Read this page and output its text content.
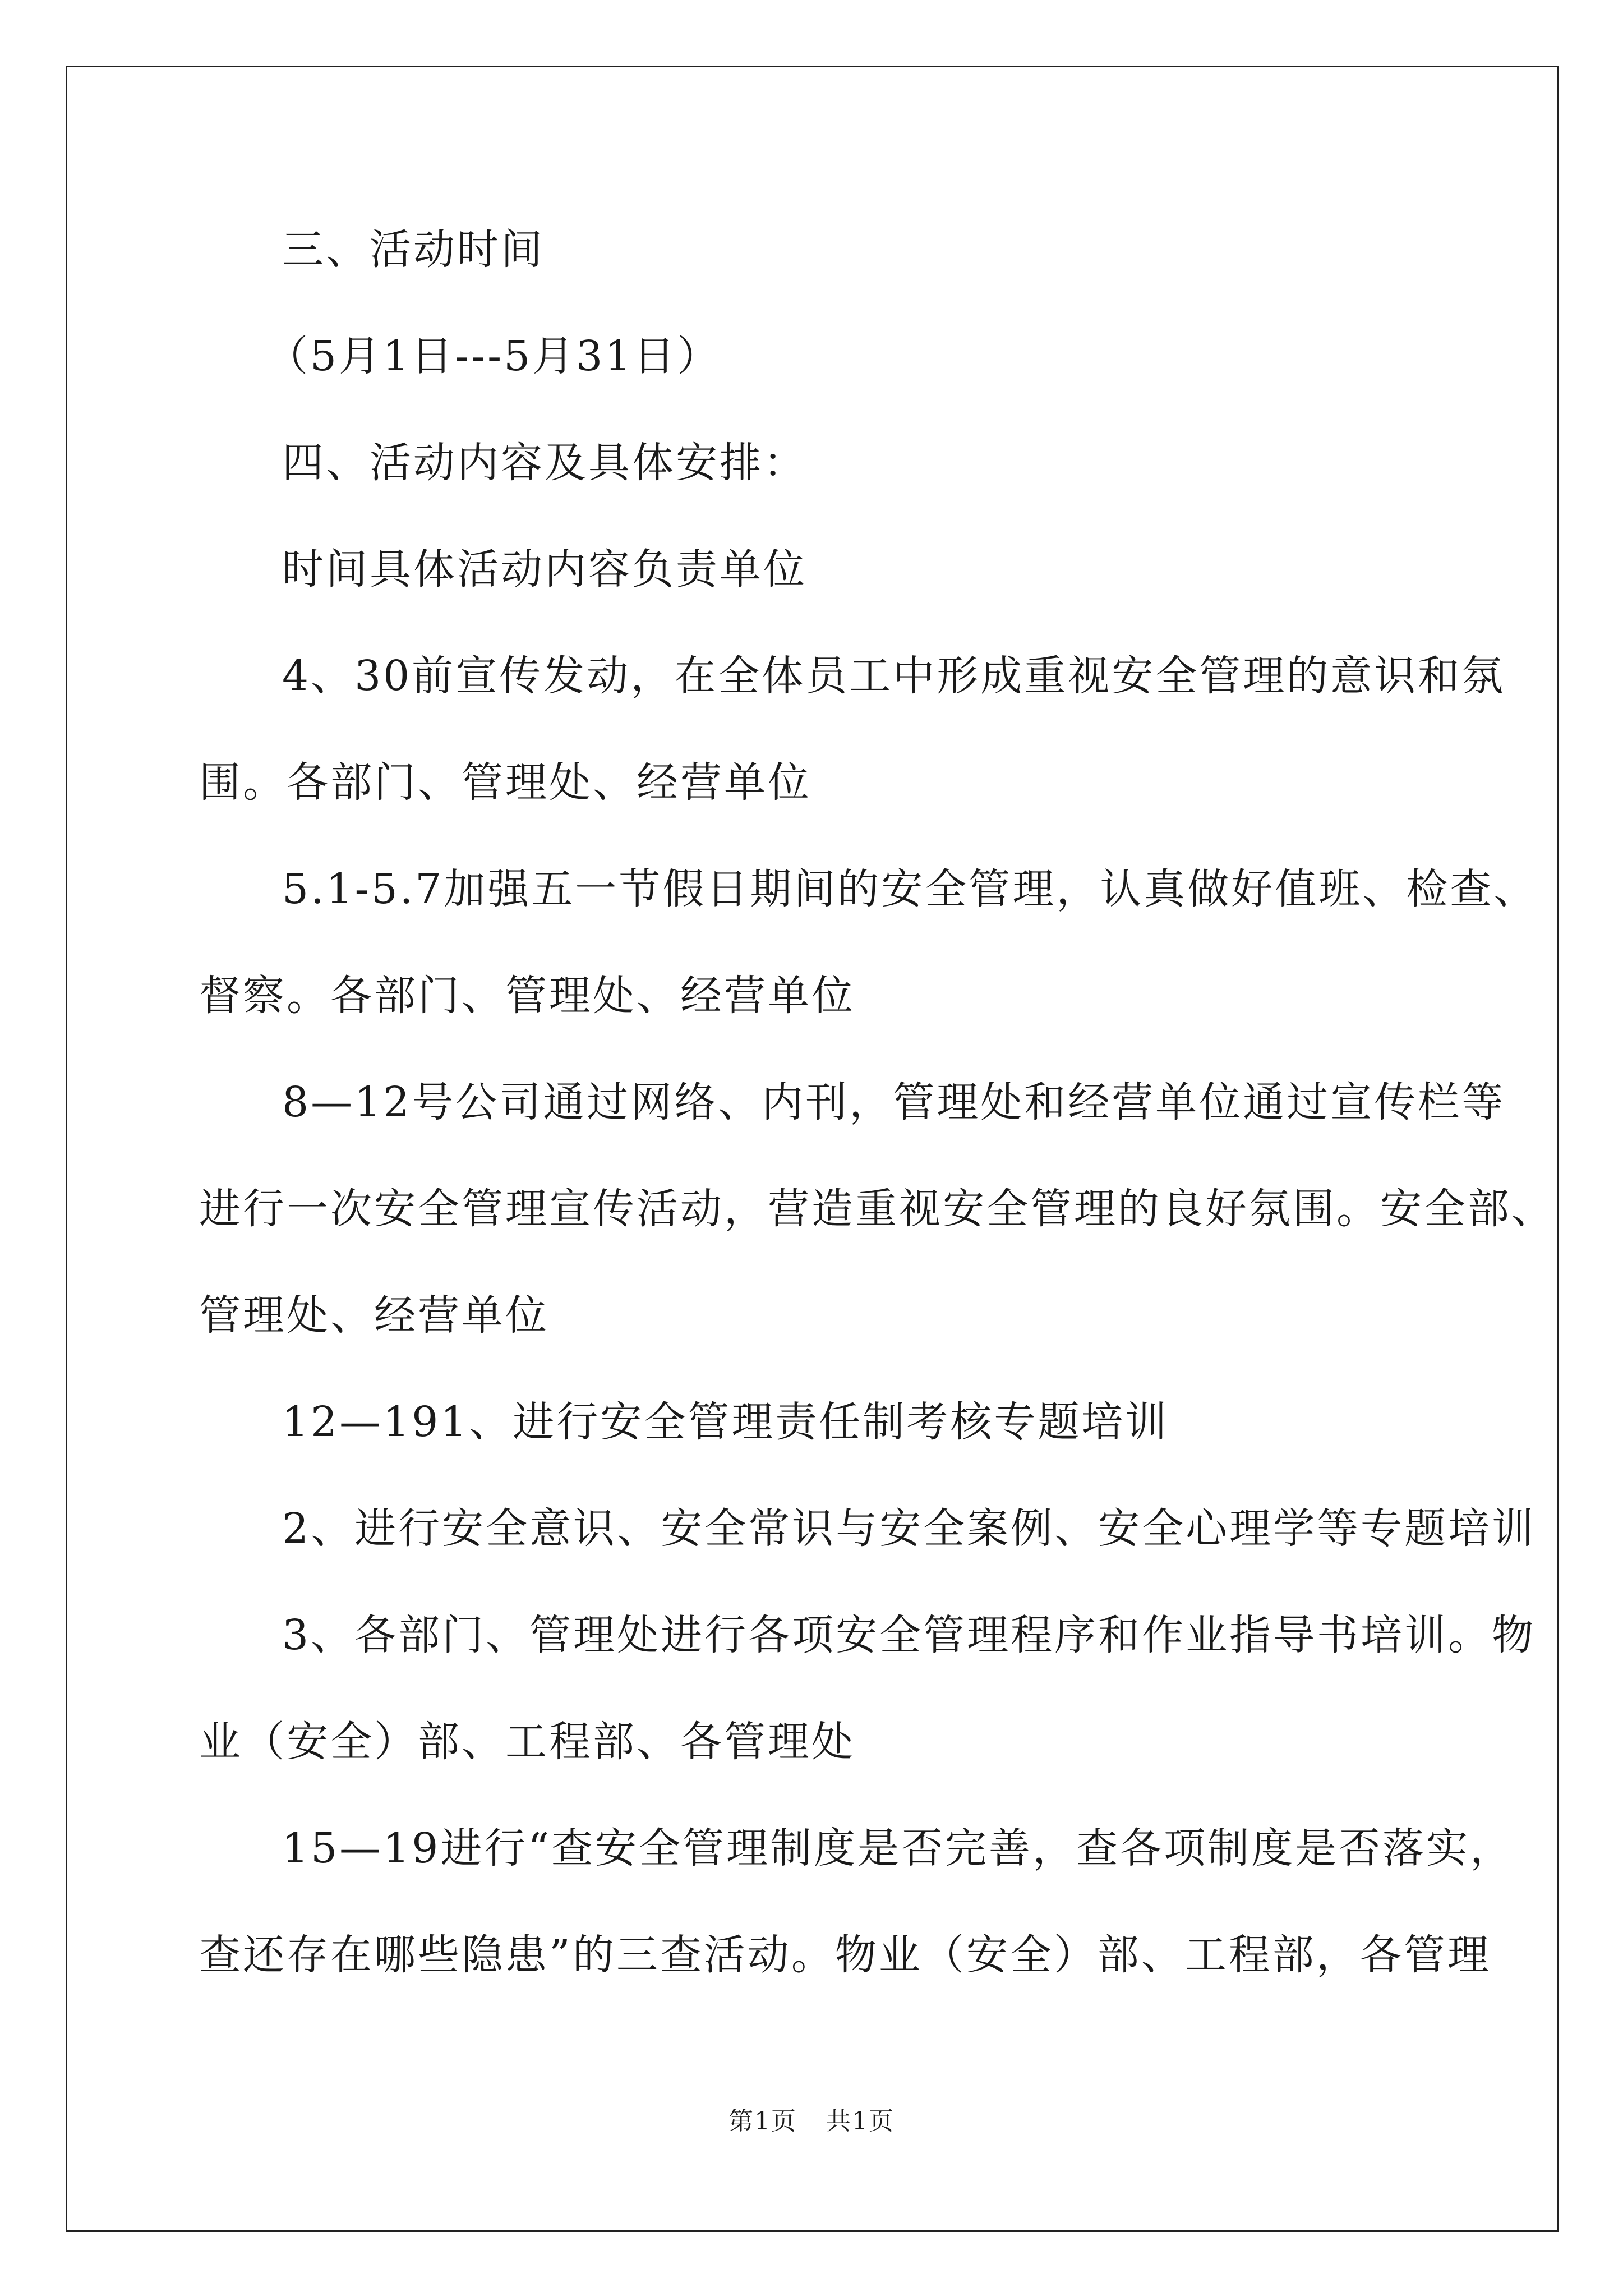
三、活动时间
（5月1日---5月31日）
四、活动内容及具体安排：
时间具体活动内容负责单位
4、30前宣传发动，在全体员工中形成重视安全管理的意识和氛
围。各部门、管理处、经营单位
5.1-5.7加强五一节假日期间的安全管理，认真做好值班、检查、
督察。各部门、管理处、经营单位
8—12号公司通过网络、内刊，管理处和经营单位通过宣传栏等
进行一次安全管理宣传活动，营造重视安全管理的良好氛围。安全部、
管理处、经营单位
12—191、进行安全管理责任制考核专题培训
2、进行安全意识、安全常识与安全案例、安全心理学等专题培训
3、各部门、管理处进行各项安全管理程序和作业指导书培训。物
业（安全）部、工程部、各管理处
15—19进行“查安全管理制度是否完善，查各项制度是否落实，
查还存在哪些隐患”的三查活动。物业（安全）部、工程部，各管理
第1页 共1页
